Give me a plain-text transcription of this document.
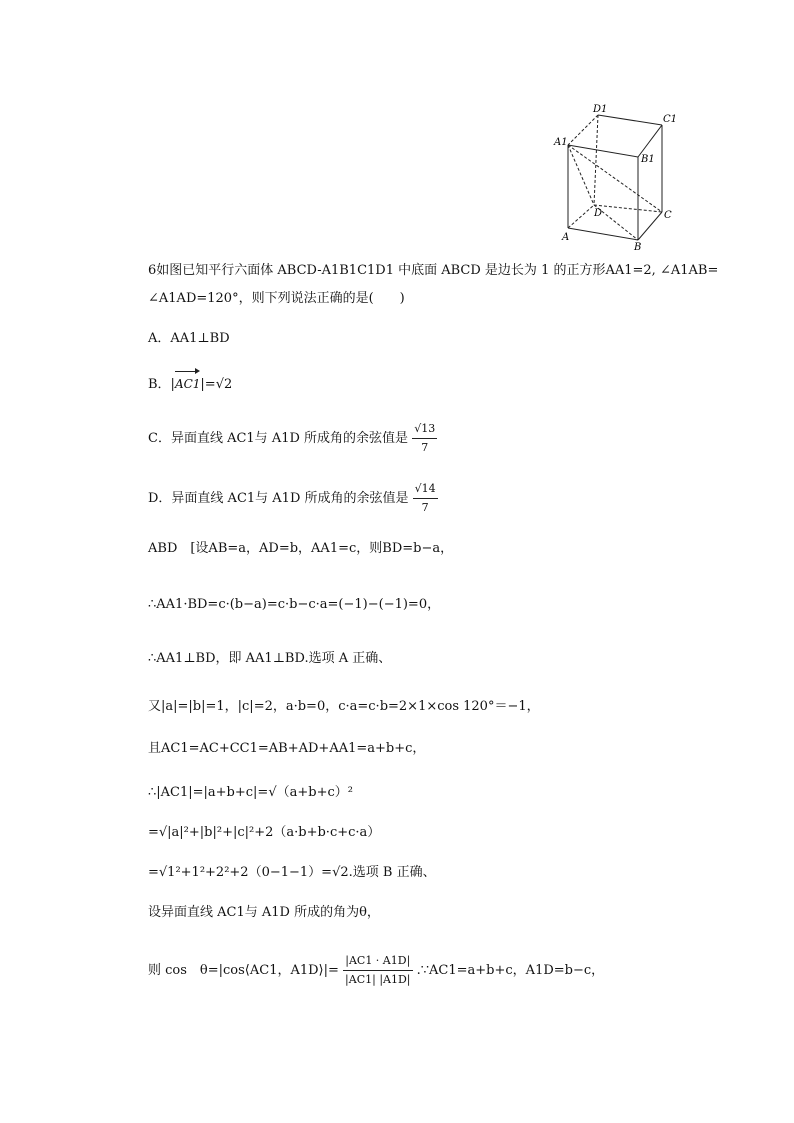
D1
C1
A1
B1
D	C
A
B
6如图已知平行六面体 ABCD-A1B1C1D1 中底面 ABCD 是边长为 1 的正方形AA1=2, ∠A1AB=
∠A1AD=120°，则下列说法正确的是(　　)
A．AA1⊥BD
B．|AC1|=√2
C．异面直线 AC1与 A1D 所成角的余弦值是 $\frac{√13}{7}$
D．异面直线 AC1与 A1D 所成角的余弦值是 $\frac{√14}{7}$
ABD　[设AB=a，AD=b，AA1=c，则BD=b−a，
∴AA1·BD=c·(b−a)=c·b−c·a=(−1)−(−1)=0，
∴AA1⊥BD，即 AA1⊥BD.选项 A 正确、
又|a|=|b|=1，|c|=2，a·b=0，c·a=c·b=2×1×cos 120°＝−1，
且AC1=AC+CC1=AB+AD+AA1=a+b+c，
∴|AC1|=|a+b+c|=√（a+b+c）²
=√|a|²+|b|²+|c|²+2（a·b+b·c+c·a）
=√1²+1²+2²+2（0−1−1）=√2.选项 B 正确、
设异面直线 AC1与 A1D 所成的角为θ，
则 cos　θ=|cos⟨AC1，A1D⟩|= $\frac{|AC1 \cdot A1D|}{|AC1| |A1D|}$ .∵AC1=a+b+c，A1D=b−c，
